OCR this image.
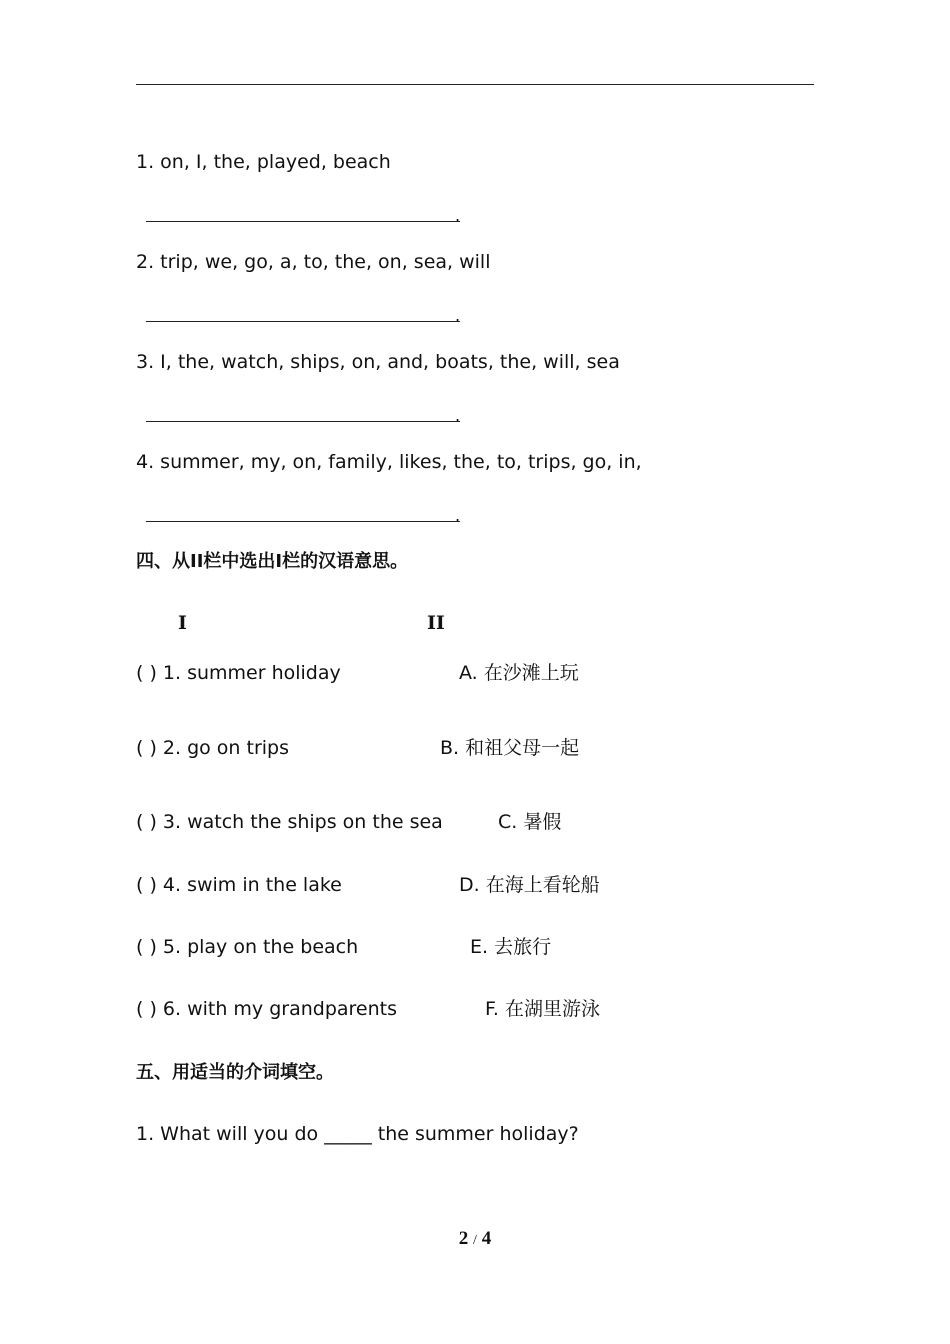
1. on, I, the, played, beach
.
2. trip, we, go, a, to, the, on, sea, will
.
3. I, the, watch, ships, on, and, boats, the, will, sea
.
4. summer, my, on, family, likes, the, to, trips, go, in,
.
四、从II栏中选出I栏的汉语意思。
I	II
( ) 1. summer holiday	A. 在沙滩上玩
( ) 2. go on trips	B. 和祖父母一起
( ) 3. watch the ships on the sea	C. 暑假
( ) 4. swim in the lake	D. 在海上看轮船
( ) 5. play on the beach	E. 去旅行
( ) 6. with my grandparents	F. 在湖里游泳
五、用适当的介词填空。
1. What will you do _____ the summer holiday?
2 / 4
